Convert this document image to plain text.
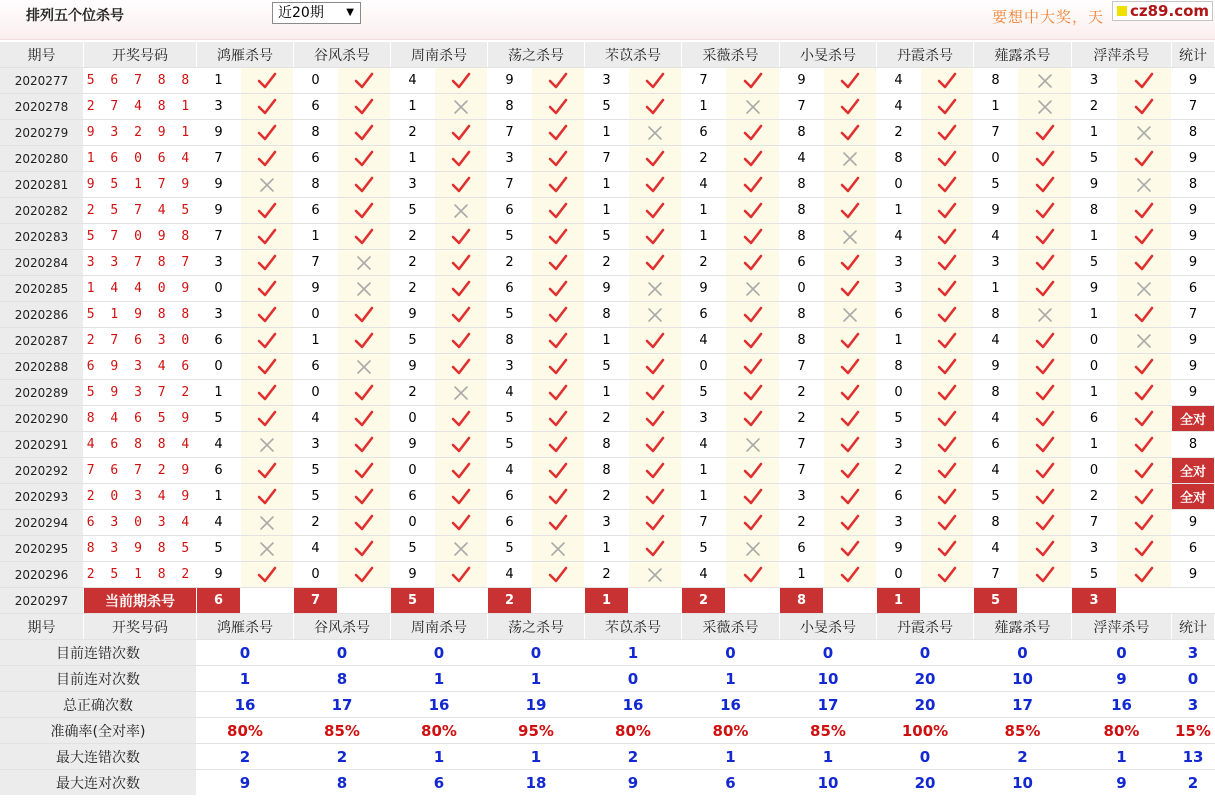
排列五个位杀号	近20期 ▼	要想中大奖，天	cz89.com
期号	开奖号码	鸿雁杀号	谷风杀号	周南杀号	荡之杀号	芣苡杀号	采薇杀号	小旻杀号	丹霞杀号	薤露杀号	浮萍杀号	统计
2020277	5 6 7 8 8	1	0	4	9	3	7	9	4	8	3	9
2020278	2 7 4 8 1	3	6	1	8	5	1	7	4	1	2	7
2020279	9 3 2 9 1	9	8	2	7	1	6	8	2	7	1	8
2020280	1 6 0 6 4	7	6	1	3	7	2	4	8	0	5	9
2020281	9 5 1 7 9	9	8	3	7	1	4	8	0	5	9	8
2020282	2 5 7 4 5	9	6	5	6	1	1	8	1	9	8	9
2020283	5 7 0 9 8	7	1	2	5	5	1	8	4	4	1	9
2020284	3 3 7 8 7	3	7	2	2	2	2	6	3	3	5	9
2020285	1 4 4 0 9	0	9	2	6	9	9	0	3	1	9	6
2020286	5 1 9 8 8	3	0	9	5	8	6	8	6	8	1	7
2020287	2 7 6 3 0	6	1	5	8	1	4	8	1	4	0	9
2020288	6 9 3 4 6	0	6	9	3	5	0	7	8	9	0	9
2020289	5 9 3 7 2	1	0	2	4	1	5	2	0	8	1	9
2020290	8 4 6 5 9	5	4	0	5	2	3	2	5	4	6	全对
2020291	4 6 8 8 4	4	3	9	5	8	4	7	3	6	1	8
2020292	7 6 7 2 9	6	5	0	4	8	1	7	2	4	0	全对
2020293	2 0 3 4 9	1	5	6	6	2	1	3	6	5	2	全对
2020294	6 3 0 3 4	4	2	0	6	3	7	2	3	8	7	9
2020295	8 3 9 8 5	5	4	5	5	1	5	6	9	4	3	6
2020296	2 5 1 8 2	9	0	9	4	2	4	1	0	7	5	9
2020297	当前期杀号	6	7	5	2	1	2	8	1	5	3
期号	开奖号码	鸿雁杀号	谷风杀号	周南杀号	荡之杀号	芣苡杀号	采薇杀号	小旻杀号	丹霞杀号	薤露杀号	浮萍杀号	统计
目前连错次数	0	0	0	0	1	0	0	0	0	0	3
目前连对次数	1	8	1	1	0	1	10	20	10	9	0
总正确次数	16	17	16	19	16	16	17	20	17	16	3
准确率(全对率)	80%	85%	80%	95%	80%	80%	85%	100%	85%	80%	15%
最大连错次数	2	2	1	1	2	1	1	0	2	1	13
最大连对次数	9	8	6	18	9	6	10	20	10	9	2
